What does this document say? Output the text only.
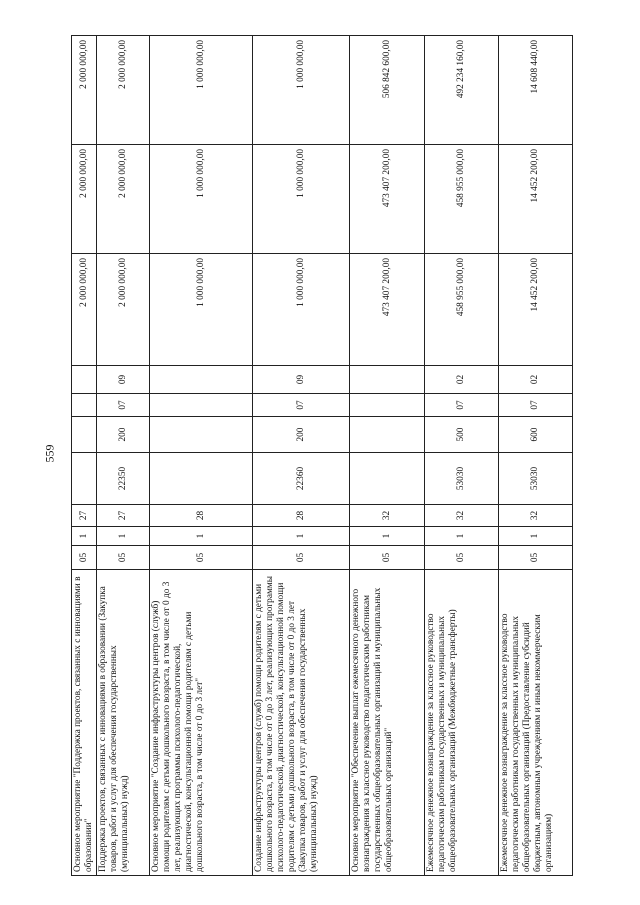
559
Основное мероприятие "Поддержка проектов, связанных с инновациями в образовании"	05	1	27					2 000 000,00	2 000 000,00	2 000 000,00
Поддержка проектов, связанных с инновациями в образовании (Закупка товаров, работ и услуг для обеспечения государственных (муниципальных) нужд)	05	1	27	22350	200	07	09	2 000 000,00	2 000 000,00	2 000 000,00
Основное мероприятие "Создание инфраструктуры центров (служб) помощи родителям с детьми дошкольного возраста, в том числе от 0 до 3 лет, реализующих программы психолого-педагогической, диагностической, консультационной помощи родителям с детьми дошкольного возраста, в том числе от 0 до 3 лет"	05	1	28					1 000 000,00	1 000 000,00	1 000 000,00
Создание инфраструктуры центров (служб) помощи родителям с детьми дошкольного возраста, в том числе от 0 до 3 лет, реализующих программы психолого-педагогической, диагностической, консультационной помощи родителям с детьми дошкольного возраста, в том числе от 0 до 3 лет (Закупка товаров, работ и услуг для обеспечения государственных (муниципальных) нужд)	05	1	28	22360	200	07	09	1 000 000,00	1 000 000,00	1 000 000,00
Основное мероприятие "Обеспечение выплат ежемесячного денежного вознаграждения за классное руководство педагогическим работникам государственных общеобразовательных организаций и муниципальных общеобразовательных организаций"	05	1	32					473 407 200,00	473 407 200,00	506 842 600,00
Ежемесячное денежное вознаграждение за классное руководство педагогическим работникам государственных и муниципальных общеобразовательных организаций (Межбюджетные трансферты)	05	1	32	53030	500	07	02	458 955 000,00	458 955 000,00	492 234 160,00
Ежемесячное денежное вознаграждение за классное руководство педагогическим работникам государственных и муниципальных общеобразовательных организаций (Предоставление субсидий бюджетным, автономным учреждениям и иным некоммерческим организациям)	05	1	32	53030	600	07	02	14 452 200,00	14 452 200,00	14 608 440,00
